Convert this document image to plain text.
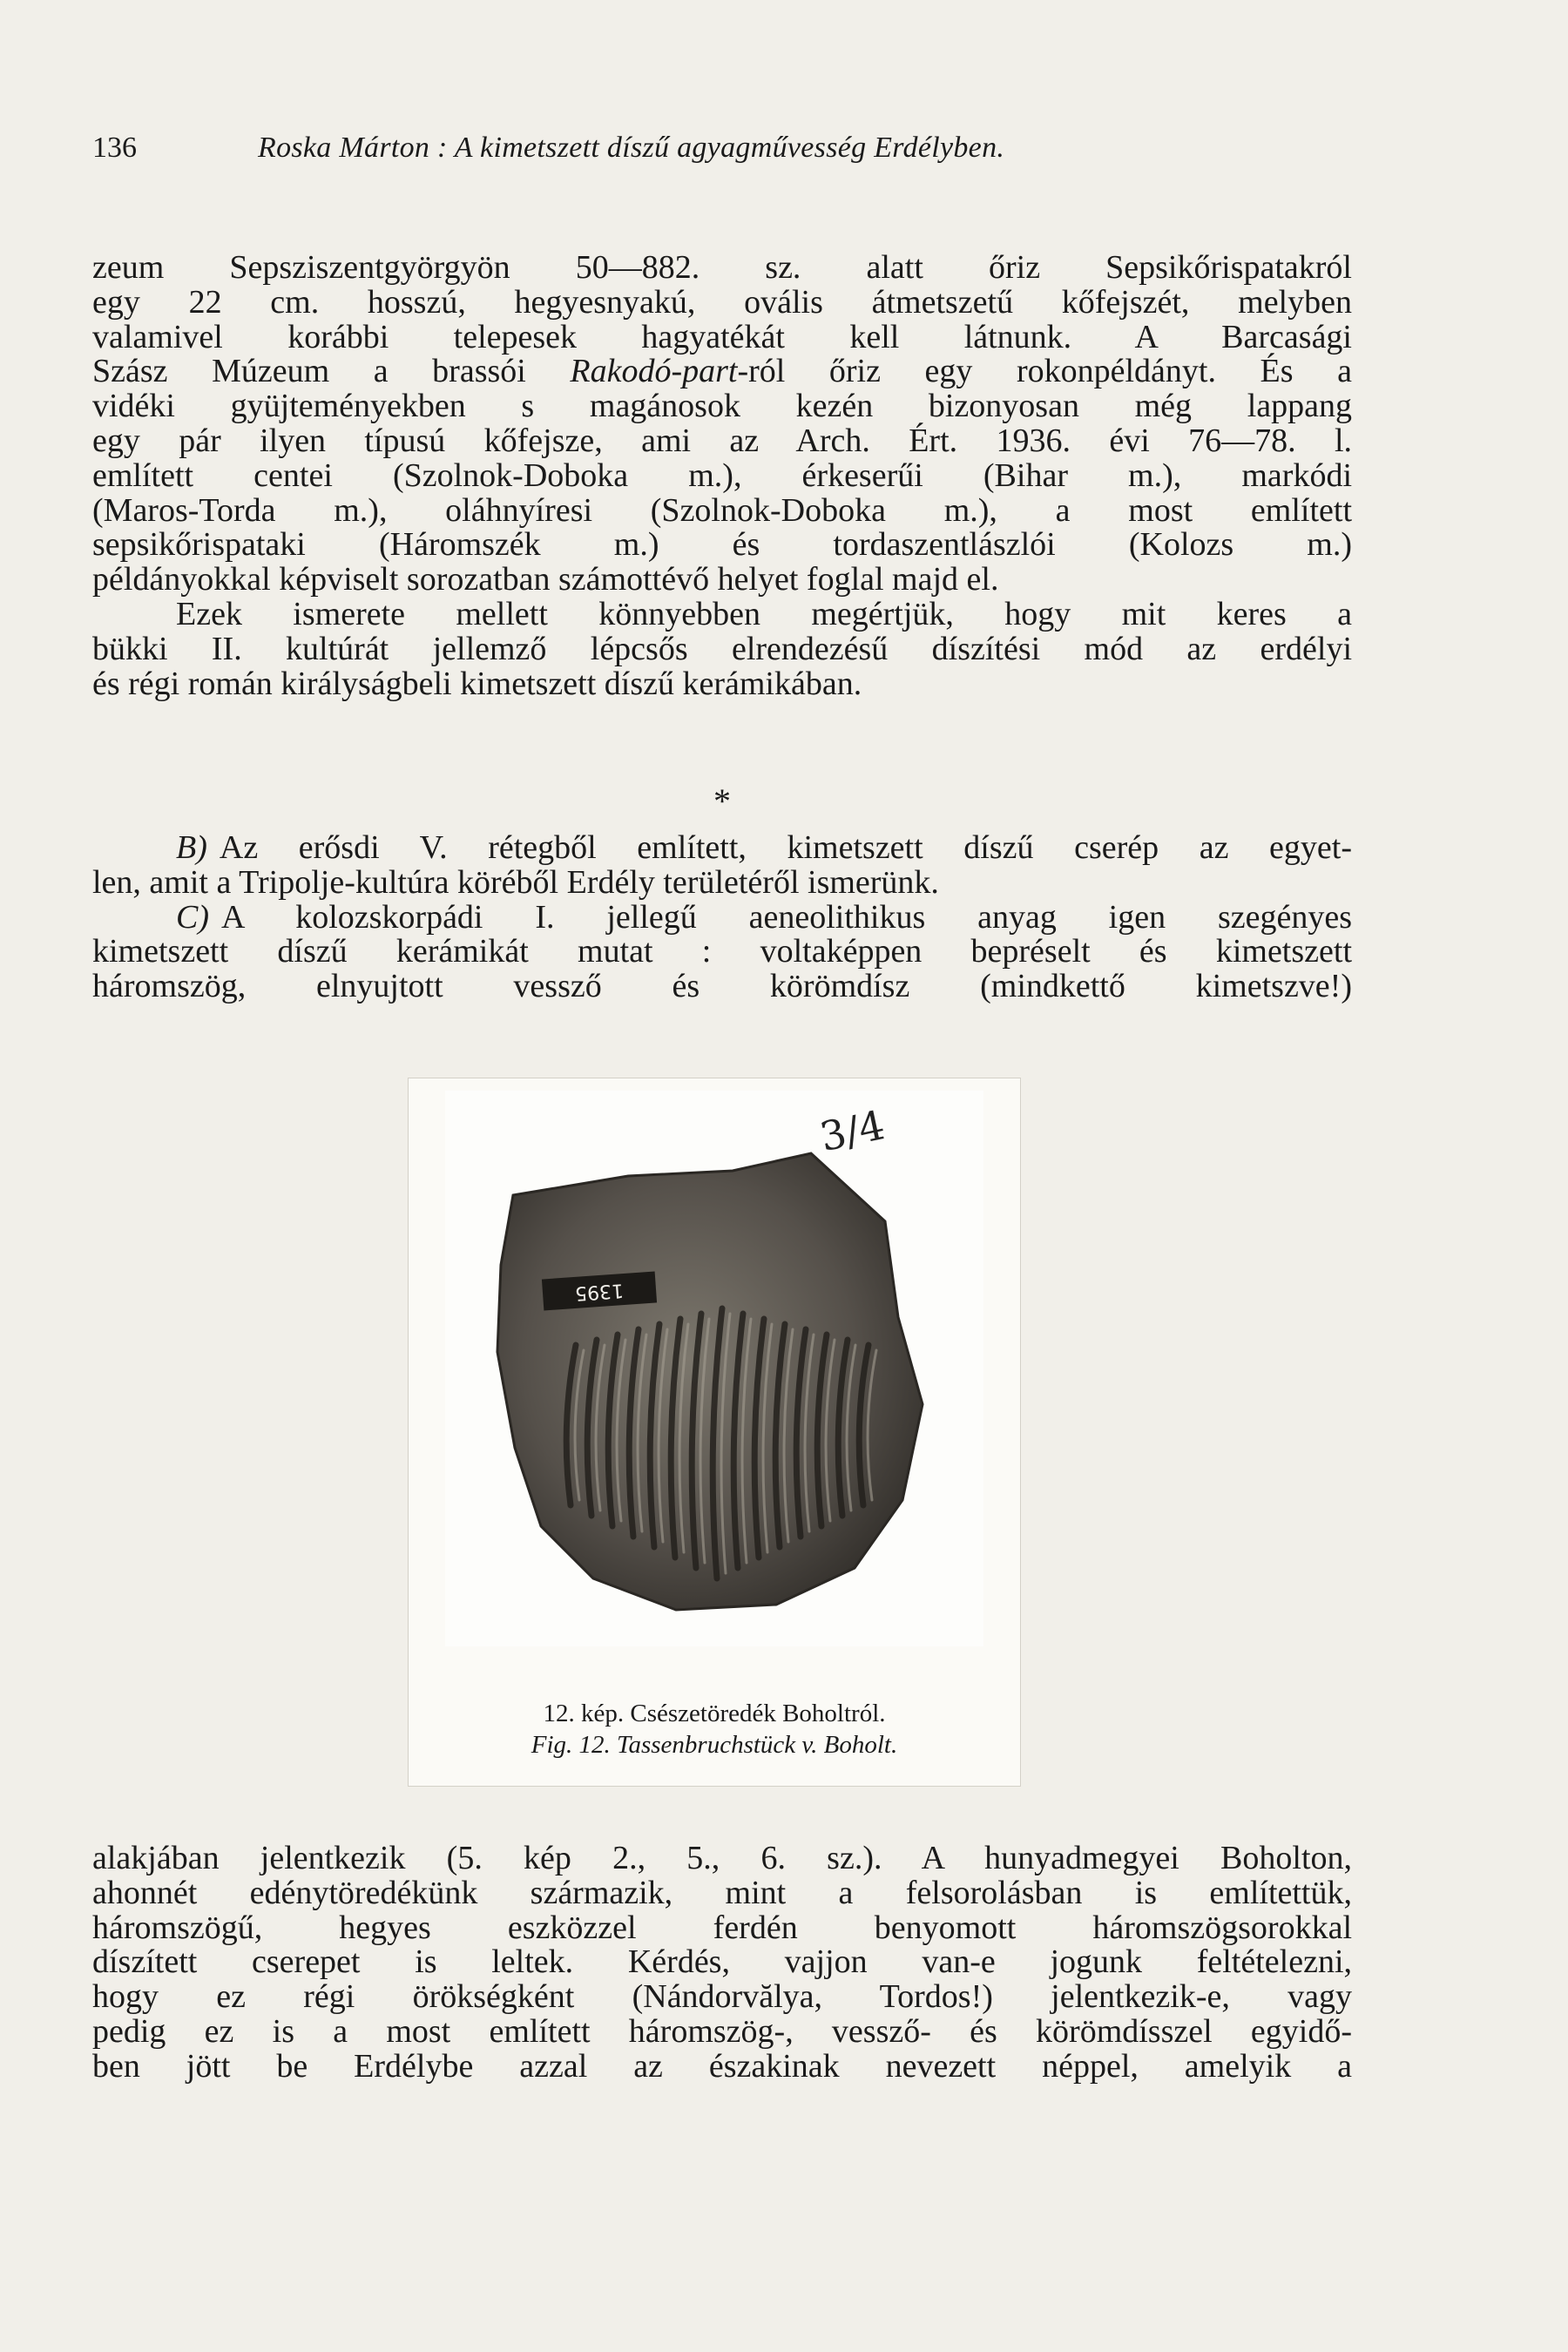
136	Roska Márton : A kimetszett díszű agyagművesség Erdélyben.
zeum Sepsziszentgyörgyön 50—882. sz. alatt őriz Sepsikőrispatakról
egy 22 cm. hosszú, hegyesnyakú, ovális átmetszetű kőfejszét, melyben
valamivel korábbi telepesek hagyatékát kell látnunk. A Barcasági
Szász Múzeum a brassói Rakodó-part-ról őriz egy rokonpéldányt. És a
vidéki gyüjteményekben s magánosok kezén bizonyosan még lappang
egy pár ilyen típusú kőfejsze, ami az Arch. Ért. 1936. évi 76—78. l.
említett centei (Szolnok-Doboka m.), érkeserűi (Bihar m.), markódi
(Maros-Torda m.), oláhnyíresi (Szolnok-Doboka m.), a most említett
sepsikőrispataki (Háromszék m.) és tordaszentlászlói (Kolozs m.)
példányokkal képviselt sorozatban számottévő helyet foglal majd el.
Ezek ismerete mellett könnyebben megértjük, hogy mit keres a
bükki II. kultúrát jellemző lépcsős elrendezésű díszítési mód az erdélyi
és régi román királyságbeli kimetszett díszű kerámikában.
*
B) Az erősdi V. rétegből említett, kimetszett díszű cserép az egyet-
len, amit a Tripolje-kultúra köréből Erdély területéről ismerünk.
C) A kolozskorpádi I. jellegű aeneolithikus anyag igen szegényes
kimetszett díszű kerámikát mutat : voltaképpen bepréselt és kimetszett
háromszög, elnyujtott vessző és körömdísz (mindkettő kimetszve!)
1395
3/4
12. kép. Csészetöredék Boholtról.
Fig. 12. Tassenbruchstück v. Boholt.
alakjában jelentkezik (5. kép 2., 5., 6. sz.). A hunyadmegyei Boholton,
ahonnét edénytöredékünk származik, mint a felsorolásban is említettük,
háromszögű, hegyes eszközzel ferdén benyomott háromszögsorokkal
díszített cserepet is leltek. Kérdés, vajjon van-e jogunk feltételezni,
hogy ez régi örökségként (Nándorvălya, Tordos!) jelentkezik-e, vagy
pedig ez is a most említett háromszög-, vessző- és körömdísszel egyidő-
ben jött be Erdélybe azzal az északinak nevezett néppel, amelyik a
